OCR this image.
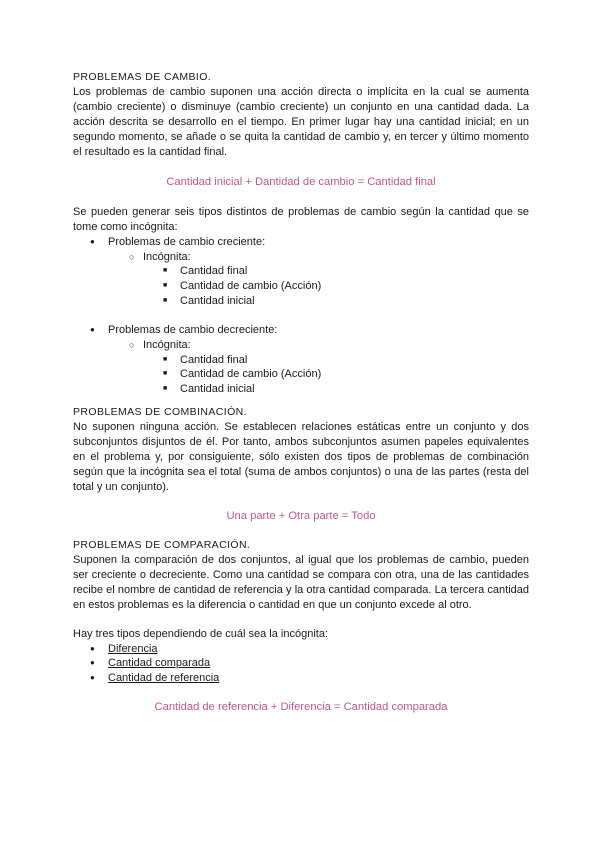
PROBLEMAS DE CAMBIO.

Los problemas de cambio suponen una acción directa o implícita en la cual se aumenta (cambio creciente) o disminuye (cambio creciente) un conjunto en una cantidad dada. La acción descrita se desarrollo en el tiempo. En primer lugar hay una cantidad inicial; en un segundo momento, se añade o se quita la cantidad de cambio y, en tercer y último momento el resultado es la cantidad final.

Cantidad inicial + Dantidad de cambio = Cantidad final

Se pueden generar seis tipos distintos de problemas de cambio según la cantidad que se tome como incógnita:

● Problemas de cambio creciente:
○ Incógnita:
■ Cantidad final
■ Cantidad de cambio (Acción)
■ Cantidad inicial
● Problemas de cambio decreciente:
○ Incógnita:
■ Cantidad final
■ Cantidad de cambio (Acción)
■ Cantidad inicial

PROBLEMAS DE COMBINACIÓN.

No suponen ninguna acción. Se establecen relaciones estáticas entre un conjunto y dos subconjuntos disjuntos de él. Por tanto, ambos subconjuntos asumen papeles equivalentes en el problema y, por consiguiente, sólo existen dos tipos de problemas de combinación según que la incógnita sea el total (suma de ambos conjuntos) o una de las partes (resta del total y un conjunto).

Una parte + Otra parte = Todo

PROBLEMAS DE COMPARACIÓN.

Suponen la comparación de dos conjuntos, al igual que los problemas de cambio, pueden ser creciente o decreciente. Como una cantidad se compara con otra, una de las cantidades recibe el nombre de cantidad de referencia y la otra cantidad comparada. La tercera cantidad en estos problemas es la diferencia o cantidad en que un conjunto excede al otro.

Hay tres tipos dependiendo de cuál sea la incógnita:

● Diferencia
● Cantidad comparada
● Cantidad de referencia

Cantidad de referencia + Diferencia = Cantidad comparada
